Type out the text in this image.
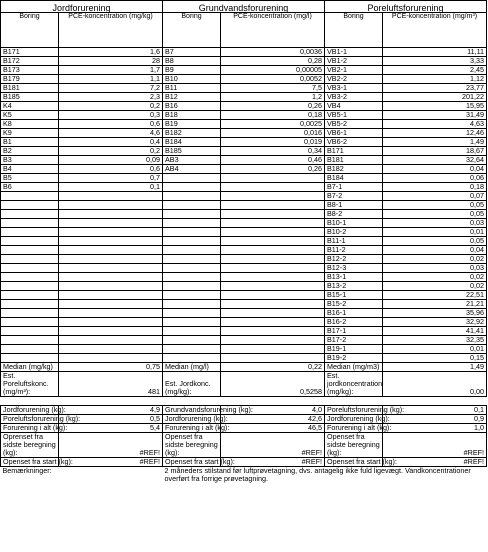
Jordforurening		Grundvandsforurening		Poreluftsforurening	
Boring	PCE-koncentration (mg/kg)	Boring	PCE-koncentration (mg/l)	Boring	PCE-koncentration (mg/m³)
B171	1,6	B7	0,0036	VB1-1	11,11
B172	28	B8	0,28	VB1-2	3,33
B173	1,7	B9	0,00005	VB2-1	2,45
B179	1,1	B10	0,0052	VB2-2	1,12
B181	7,2	B11	7,5	VB3-1	23,77
B185	2,3	B12	1,2	VB3-2	201,22
K4	0,2	B16	0,26	VB4	15,95
K5	0,3	B18	0,18	VB5-1	31,49
K8	0,6	B19	0,0025	VB5-2	4,63
K9	4,6	B182	0,016	VB6-1	12,46
B1	0,4	B184	0,019	VB6-2	1,49
B2	0,2	B185	0,34	B171	18,67
B3	0,09	AB3	0,46	B181	32,64
B4	0,6	AB4	0,26	B182	0,04
B5	0,7			B184	0,06
B6	0,1			B7-1	0,18
				B7-2	0,07
				B8-1	0,05
				B8-2	0,05
				B10-1	0,03
				B10-2	0,01
				B11-1	0,05
				B11-2	0,04
				B12-2	0,02
				B12-3	0,03
				B13-1	0,02
				B13-2	0,02
				B15-1	22,51
				B15-2	21,21
				B16-1	35,96
				B16-2	32,92
				B17-1	41,41
				B17-2	32,35
				B19-1	0,01
				B19-2	0,15
Median (mg/kg)	0,75	Median (mg/l)	0,22	Median (mg/m3)	1,49
Est. Poreluftskonc. (mg/m³):	481	Est. Jordkonc. (mg/kg):	0,5258	Est. jordkoncentration (mg/kg):	0,00

Jordforurening (kg):	4,9	Grundvandsforurening (kg):	4,0	Poreluftsforurening (kg):	0,1
Poreluftsforurening (kg):	0,5	Jordforurening (kg):	42,6	Jordforurening (kg):	0,9
Forurening i alt (kg):	5,4	Forurening i alt (kg):	46,5	Forurening i alt (kg):	1,0
Oprenset fra sidste beregning (kg):	#REF!	Openset fra sidste beregning (kg):	#REF!	Openset fra sidste beregning (kg):	#REF!
Openset fra start (kg):	#REF!	Openset fra start (kg):	#REF!	Openset fra start (kg):	#REF!
Bemærkninger:		2 måneders stilstand før luftprøvetagning, dvs. antagelig ikke fuld ligevægt. Vandkoncentrationer overført fra forrige prøvetagning.			
